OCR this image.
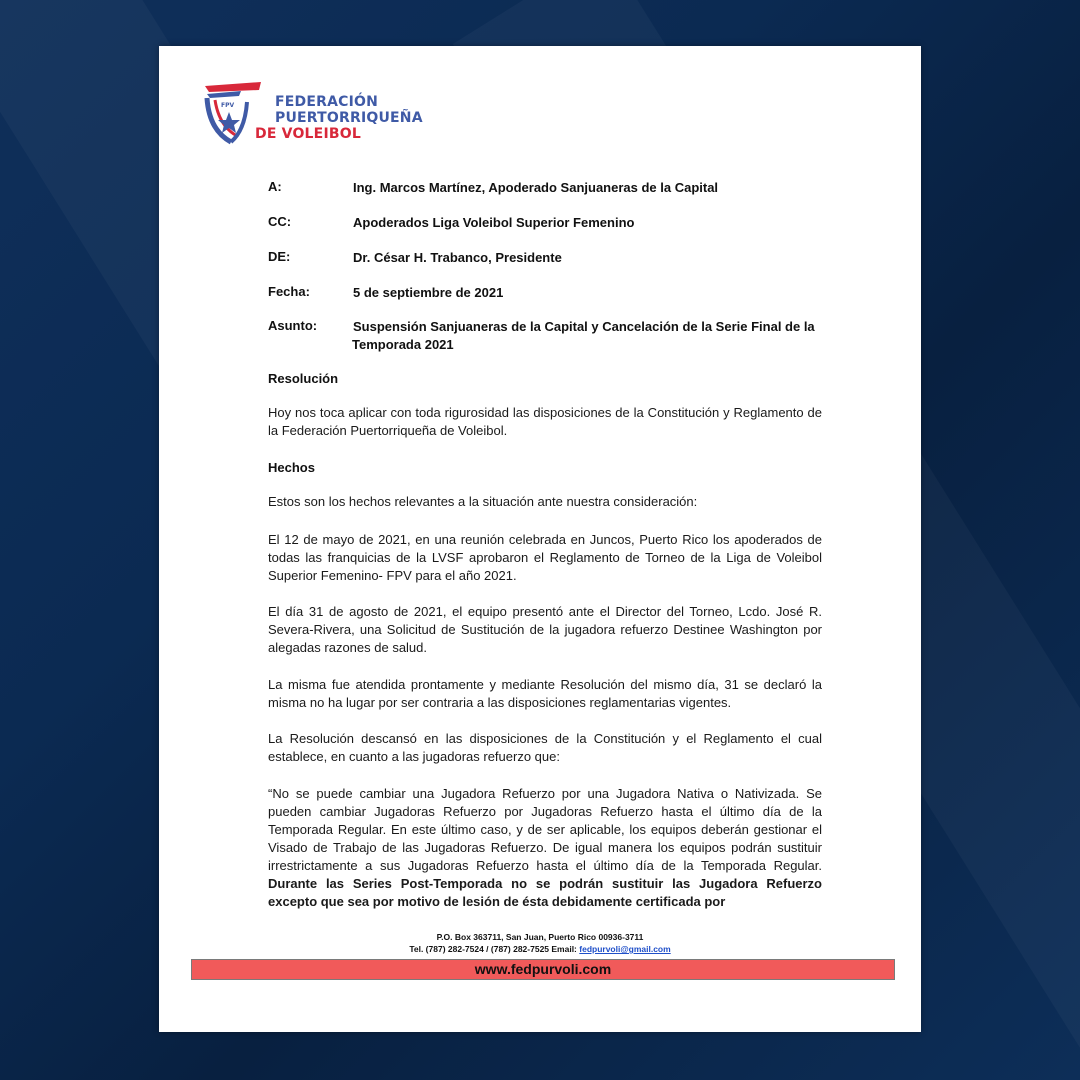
FPV	FEDERACIÓN
PUERTORRIQUEÑA
DE VOLEIBOL
A:	Ing. Marcos Martínez, Apoderado Sanjuaneras de la Capital
CC:	Apoderados Liga Voleibol Superior Femenino
DE:	Dr. César H. Trabanco, Presidente
Fecha:	5 de septiembre de 2021
Asunto:	Suspensión Sanjuaneras de la Capital y Cancelación de la Serie Final de la
Temporada 2021
Resolución
Hoy nos toca aplicar con toda rigurosidad las disposiciones de la Constitución y Reglamento de la Federación Puertorriqueña de Voleibol.
Hechos
Estos son los hechos relevantes a la situación ante nuestra consideración:
El 12 de mayo de 2021, en una reunión celebrada en Juncos, Puerto Rico los apoderados de todas las franquicias de la LVSF aprobaron el Reglamento de Torneo de la Liga de Voleibol Superior Femenino- FPV para el año 2021.
El día 31 de agosto de 2021, el equipo presentó ante el Director del Torneo, Lcdo. José R. Severa-Rivera, una Solicitud de Sustitución de la jugadora refuerzo Destinee Washington por alegadas razones de salud.
La misma fue atendida prontamente y mediante Resolución del mismo día, 31 se declaró la misma no ha lugar por ser contraria a las disposiciones reglamentarias vigentes.
La Resolución descansó en las disposiciones de la Constitución y el Reglamento el cual establece, en cuanto a las jugadoras refuerzo que:
“No se puede cambiar una Jugadora Refuerzo por una Jugadora Nativa o Nativizada. Se pueden cambiar Jugadoras Refuerzo por Jugadoras Refuerzo hasta el último día de la Temporada Regular. En este último caso, y de ser aplicable, los equipos deberán gestionar el Visado de Trabajo de las Jugadoras Refuerzo. De igual manera los equipos podrán sustituir irrestrictamente a sus Jugadoras Refuerzo hasta el último día de la Temporada Regular. Durante las Series Post-Temporada no se podrán sustituir las Jugadora Refuerzo excepto que sea por motivo de lesión de ésta debidamente certificada por
P.O. Box 363711, San Juan, Puerto Rico 00936-3711
Tel. (787) 282-7524 / (787) 282-7525 Email: fedpurvoli@gmail.com
www.fedpurvoli.com
